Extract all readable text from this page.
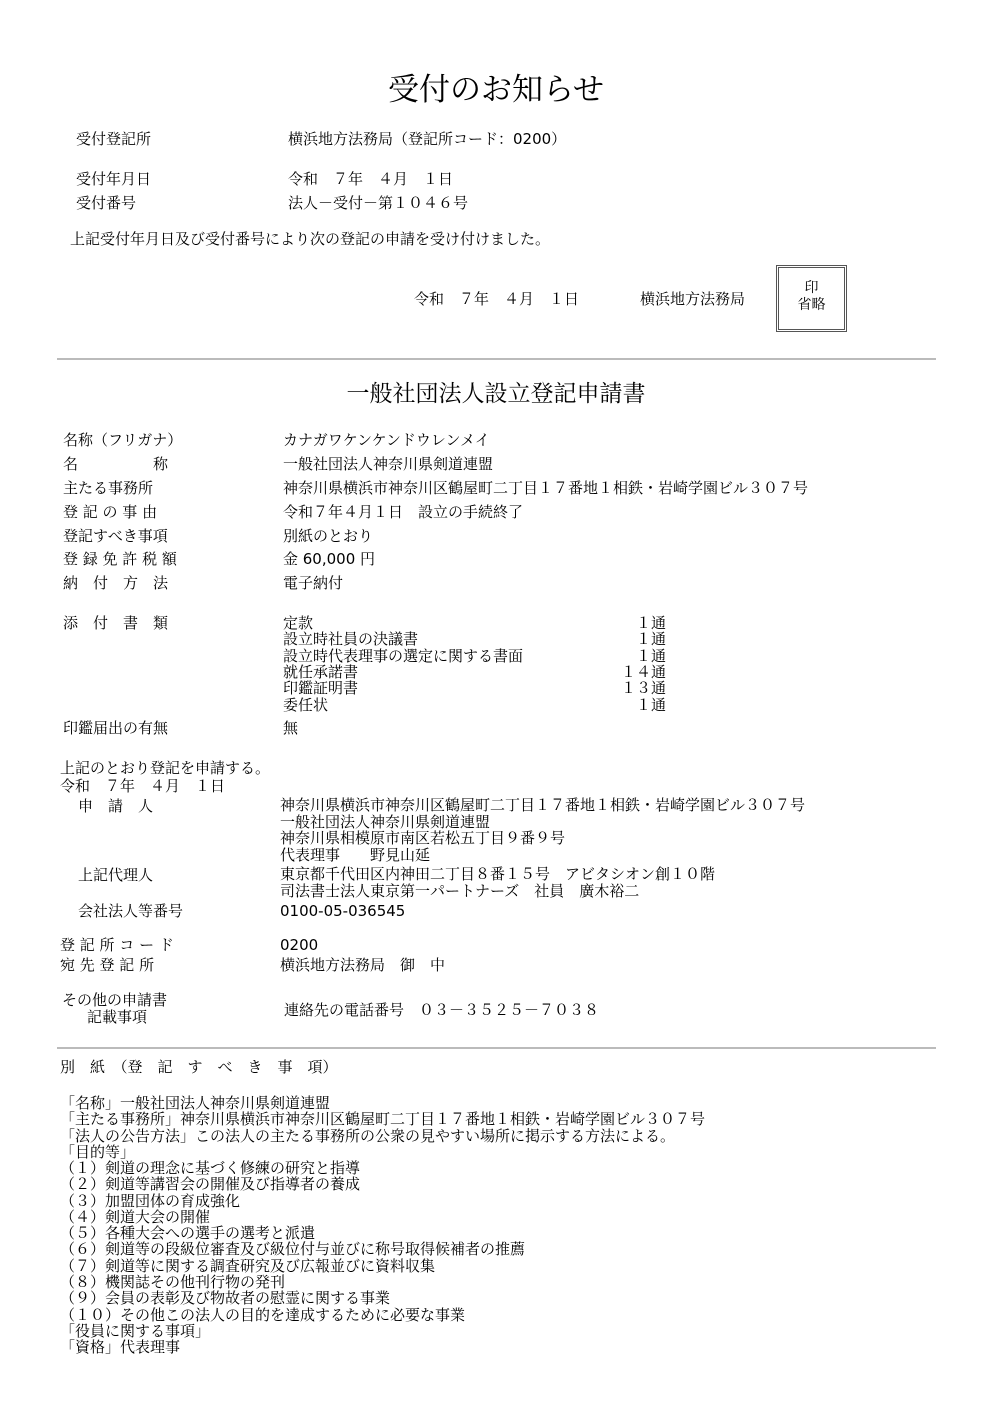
受付のお知らせ
受付登記所	横浜地方法務局（登記所コード：0200）
受付年月日	令和　７年　４月　１日
受付番号	法人－受付－第１０４６号
上記受付年月日及び受付番号により次の登記の申請を受け付けました。
令和　７年　４月　１日	横浜地方法務局
印
省略
一般社団法人設立登記申請書
名称（フリガナ）	カナガワケンケンドウレンメイ
名　　　　　称	一般社団法人神奈川県剣道連盟
主たる事務所	神奈川県横浜市神奈川区鶴屋町二丁目１７番地１相鉄・岩崎学園ビル３０７号
登 記 の 事 由	令和７年４月１日　設立の手続終了
登記すべき事項	別紙のとおり
登 録 免 許 税 額	金 60,000 円
納　付　方　法	電子納付
添　付　書　類	定款	１通
設立時社員の決議書	１通
設立時代表理事の選定に関する書面	１通
就任承諾書	１４通
印鑑証明書	１３通
委任状	１通
印鑑届出の有無	無
上記のとおり登記を申請する。
令和　７年　４月　１日
申　請　人	神奈川県横浜市神奈川区鶴屋町二丁目１７番地１相鉄・岩崎学園ビル３０７号
一般社団法人神奈川県剣道連盟
神奈川県相模原市南区若松五丁目９番９号
代表理事　　野見山延
上記代理人	東京都千代田区内神田二丁目８番１５号　アビタシオン創１０階
司法書士法人東京第一パートナーズ　社員　廣木裕二
会社法人等番号	0100-05-036545
登 記 所 コ ー ド	0200
宛 先 登 記 所	横浜地方法務局　御　中
その他の申請書
記載事項	連絡先の電話番号　０３－３５２５－７０３８
別　紙　（登　記　す　べ　き　事　項）
「名称」一般社団法人神奈川県剣道連盟
「主たる事務所」神奈川県横浜市神奈川区鶴屋町二丁目１７番地１相鉄・岩崎学園ビル３０７号
「法人の公告方法」この法人の主たる事務所の公衆の見やすい場所に掲示する方法による。
「目的等」
（１）剣道の理念に基づく修練の研究と指導
（２）剣道等講習会の開催及び指導者の養成
（３）加盟団体の育成強化
（４）剣道大会の開催
（５）各種大会への選手の選考と派遣
（６）剣道等の段級位審査及び級位付与並びに称号取得候補者の推薦
（７）剣道等に関する調査研究及び広報並びに資料収集
（８）機関誌その他刊行物の発刊
（９）会員の表彰及び物故者の慰霊に関する事業
（１０）その他この法人の目的を達成するために必要な事業
「役員に関する事項」
「資格」代表理事
